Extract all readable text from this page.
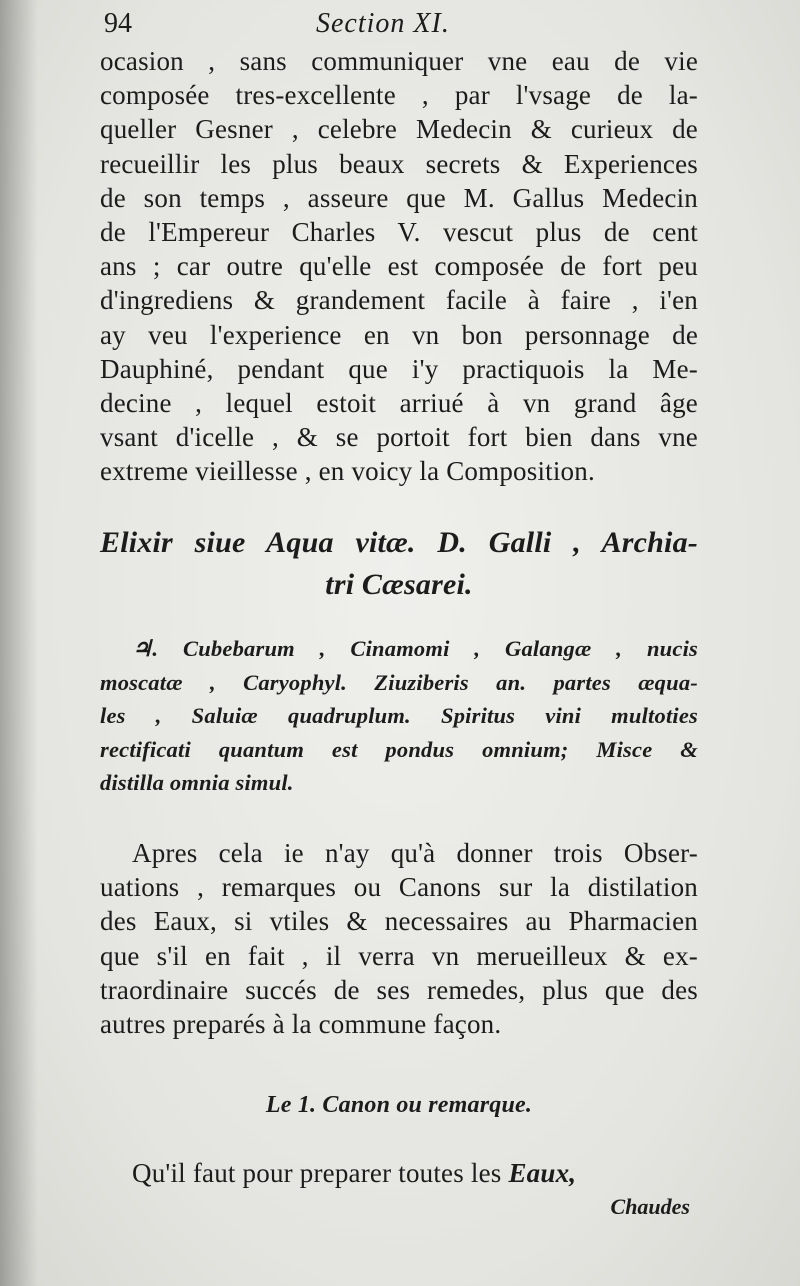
94	Section XI.
ocasion , sans communiquer vne eau de vie
composée tres-excellente , par l'vsage de la-
queller Gesner , celebre Medecin & curieux de
recueillir les plus beaux secrets & Experiences
de son temps , asseure que M. Gallus Medecin
de l'Empereur Charles V. vescut plus de cent
ans ; car outre qu'elle est composée de fort peu
d'ingrediens & grandement facile à faire , i'en
ay veu l'experience en vn bon personnage de
Dauphiné, pendant que i'y practiquois la Me-
decine , lequel estoit arriué à vn grand âge
vsant d'icelle , & se portoit fort bien dans vne
extreme vieillesse , en voicy la Composition.
Elixir siue Aqua vitæ. D. Galli , Archia-
tri Cæsarei.
♃. Cubebarum , Cinamomi , Galangæ , nucis
moscatæ , Caryophyl. Ziuziberis an. partes æqua-
les , Saluiæ quadruplum. Spiritus vini multoties
rectificati quantum est pondus omnium; Misce &
distilla omnia simul.
Apres cela ie n'ay qu'à donner trois Obser-
uations , remarques ou Canons sur la distilation
des Eaux, si vtiles & necessaires au Pharmacien
que s'il en fait , il verra vn merueilleux & ex-
traordinaire succés de ses remedes, plus que des
autres preparés à la commune façon.
Le 1. Canon ou remarque.
Qu'il faut pour preparer toutes les Eaux,
Chaudes
